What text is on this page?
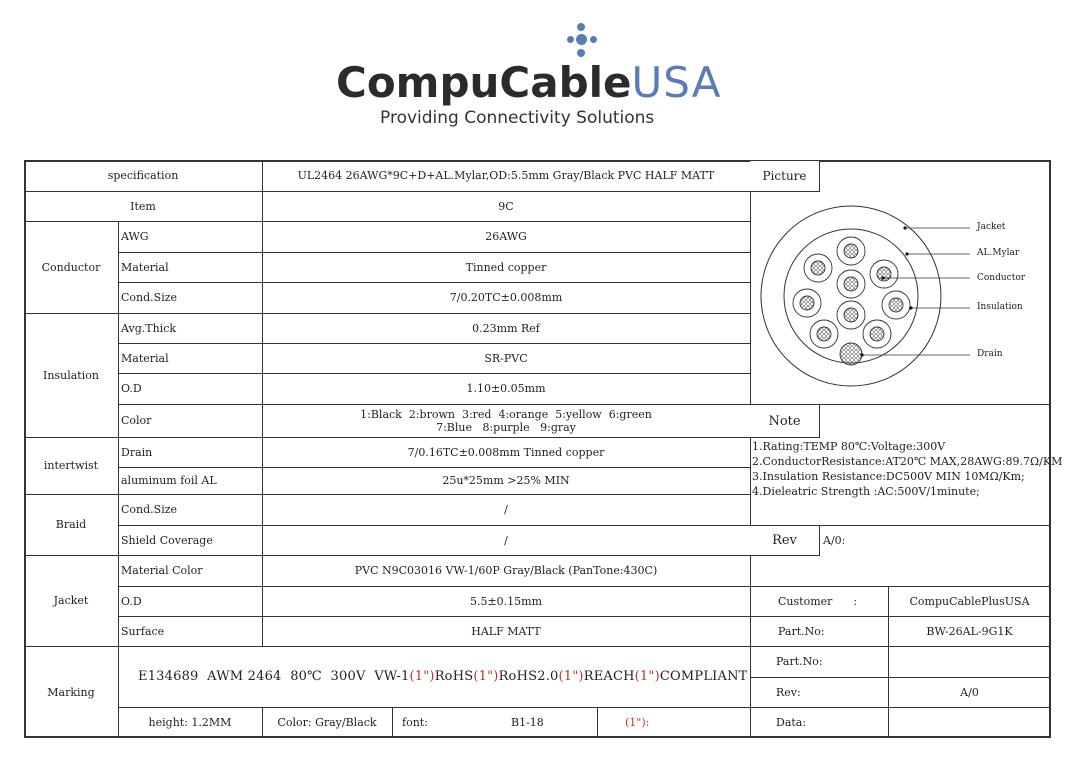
CompuCableUSA
Providing Connectivity Solutions
Picture
Note
Rev
specification	UL2464 26AWG*9C+D+AL.Mylar,OD:5.5mm Gray/Black PVC HALF MATT
Item	9C
Conductor
AWG	26AWG
Material	Tinned copper
Cond.Size	7/0.20TC±0.008mm
Insulation
Avg.Thick	0.23mm Ref
Material	SR-PVC
O.D	1.10±0.05mm
Color	1:Black  2:brown  3:red  4:orange  5:yellow  6:green
7:Blue   8:purple   9:gray
intertwist
Drain	7/0.16TC±0.008mm Tinned copper
aluminum foil AL	25u*25mm >25% MIN
Braid
Cond.Size	/
Shield Coverage	/
Jacket
Material Color	PVC N9C03016 VW-1/60P Gray/Black (PanTone:430C)
O.D	5.5±0.15mm
Surface	HALF MATT
Marking
E134689  AWM 2464  80℃  300V  VW-1 (1") RoHS (1") RoHS2.0 (1") REACH (1") COMPLIANT
height: 1.2MM	Color: Gray/Black	font:	B1-18	(1"):
Jacket
AL.Mylar
Conductor
Insulation
Drain
1.Rating:TEMP 80℃:Voltage:300V
2.ConductorResistance:AT20℃ MAX,28AWG:89.7Ω/KM
3.Insulation Resistance:DC500V MIN 10MΩ/Km;
4.Dieleatric Strength :AC:500V/1minute;
A/0:
Customer      :	CompuCablePlusUSA
Part.No:	BW-26AL-9G1K
Part.No:
Rev:	A/0
Data:
